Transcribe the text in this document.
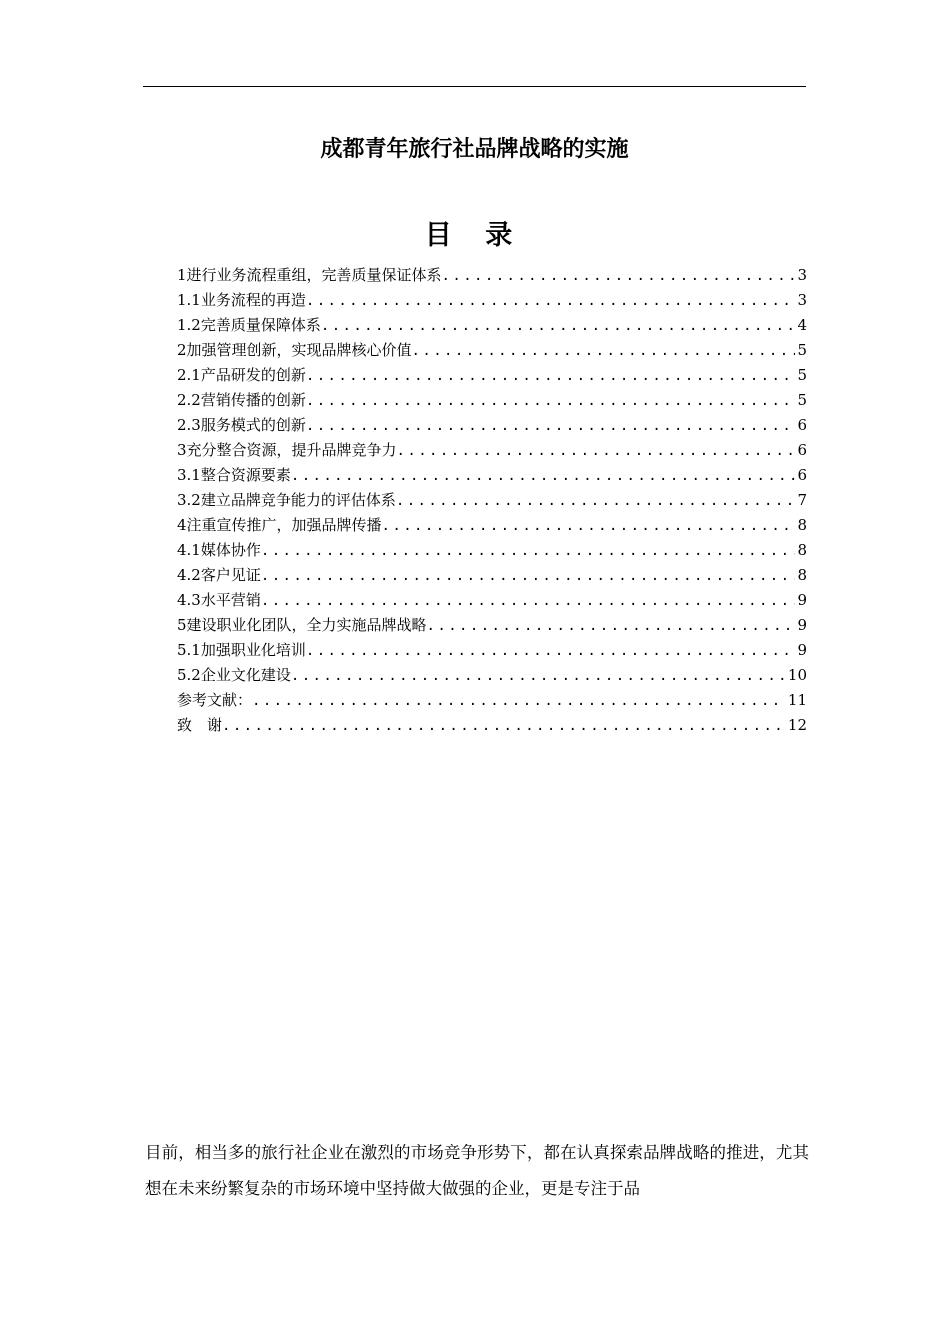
成都青年旅行社品牌战略的实施
目 录
1进行业务流程重组，完善质量保证体系 .....	3
1.1业务流程的再造 .....	3
1.2完善质量保障体系 .....	4
2加强管理创新，实现品牌核心价值 .....	5
2.1产品研发的创新 .....	5
2.2营销传播的创新 .....	5
2.3服务模式的创新 .....	6
3充分整合资源，提升品牌竞争力 .....	6
3.1整合资源要素 .....	6
3.2建立品牌竞争能力的评估体系 .....	7
4注重宣传推广，加强品牌传播 .....	8
4.1媒体协作 .....	8
4.2客户见证 .....	8
4.3水平营销 .....	9
5建设职业化团队，全力实施品牌战略 .....	9
5.1加强职业化培训 .....	9
5.2企业文化建设 .....	10
参考文献： .....	11
致　谢 .....	12

目前，相当多的旅行社企业在激烈的市场竞争形势下，都在认真探索品牌战略的推进，尤其想在未来纷繁复杂的市场环境中坚持做大做强的企业，更是专注于品
